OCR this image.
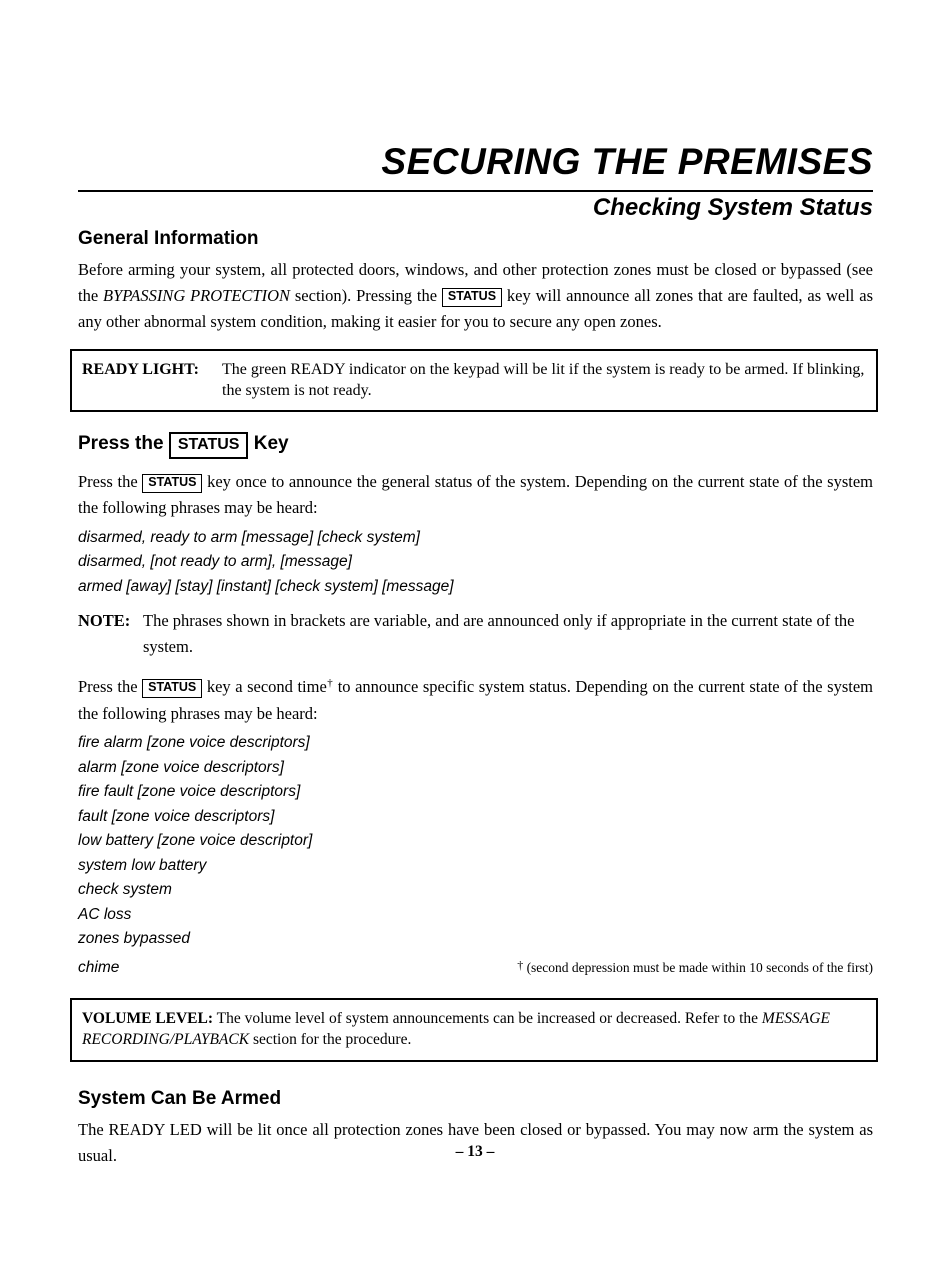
SECURING THE PREMISES
Checking System Status
General Information

Before arming your system, all protected doors, windows, and other protection zones must be closed or bypassed (see the BYPASSING PROTECTION section). Pressing the STATUS key will announce all zones that are faulted, as well as any other abnormal system condition, making it easier for you to secure any open zones.

READY LIGHT:	The green READY indicator on the keypad will be lit if the system is ready to be armed. If blinking, the system is not ready.
Press the STATUS Key

Press the STATUS key once to announce the general status of the system. Depending on the current state of the system the following phrases may be heard:

disarmed, ready to arm [message] [check system]
disarmed, [not ready to arm], [message]
armed [away] [stay] [instant] [check system] [message]
NOTE: The phrases shown in brackets are variable, and are announced only if appropriate in the current state of the system.

Press the STATUS key a second time† to announce specific system status. Depending on the current state of the system the following phrases may be heard:

fire alarm [zone voice descriptors]
alarm [zone voice descriptors]
fire fault [zone voice descriptors]
fault [zone voice descriptors]
low battery [zone voice descriptor]
system low battery
check system
AC loss
zones bypassed
chime	† (second depression must be made within 10 seconds of the first)
VOLUME LEVEL: The volume level of system announcements can be increased or decreased. Refer to the MESSAGE RECORDING/PLAYBACK section for the procedure.
System Can Be Armed

The READY LED will be lit once all protection zones have been closed or bypassed. You may now arm the system as usual.	– 13 –
